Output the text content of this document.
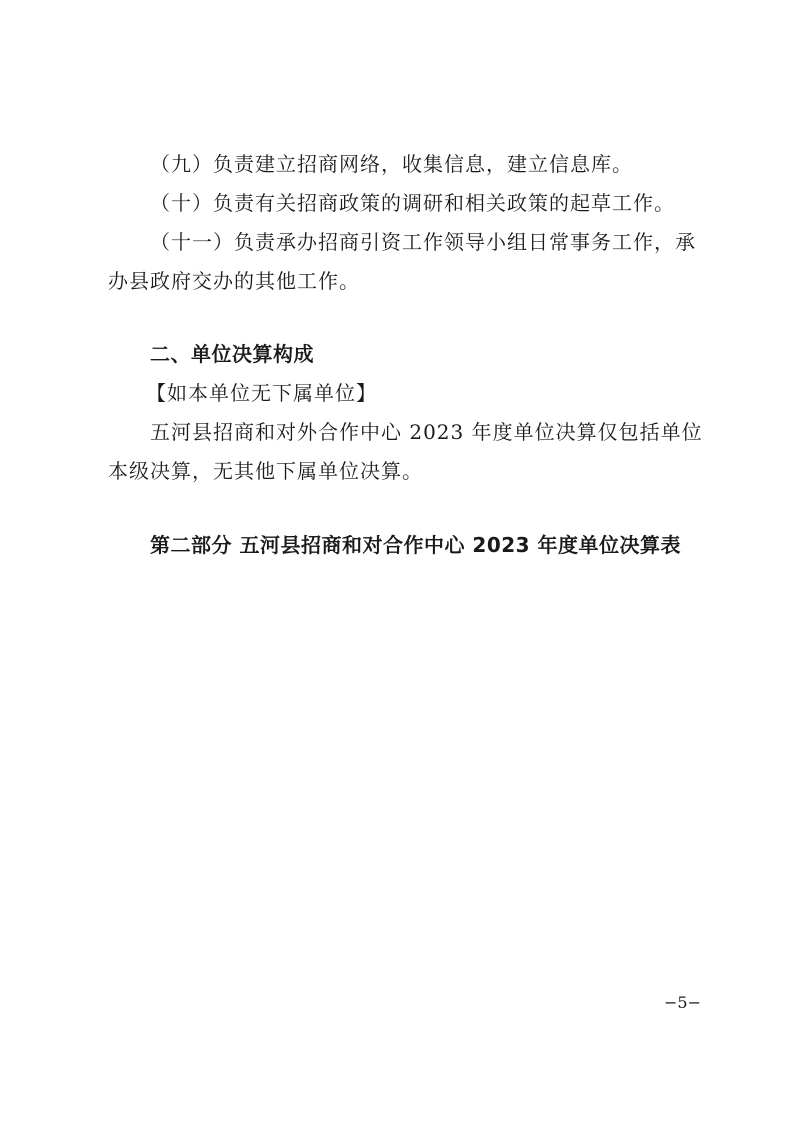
（九）负责建立招商网络，收集信息，建立信息库。
（十）负责有关招商政策的调研和相关政策的起草工作。
（十一）负责承办招商引资工作领导小组日常事务工作，承
办县政府交办的其他工作。
二、单位决算构成
【如本单位无下属单位】
五河县招商和对外合作中心 2023 年度单位决算仅包括单位
本级决算，无其他下属单位决算。
第二部分 五河县招商和对合作中心 2023 年度单位决算表
−5−
